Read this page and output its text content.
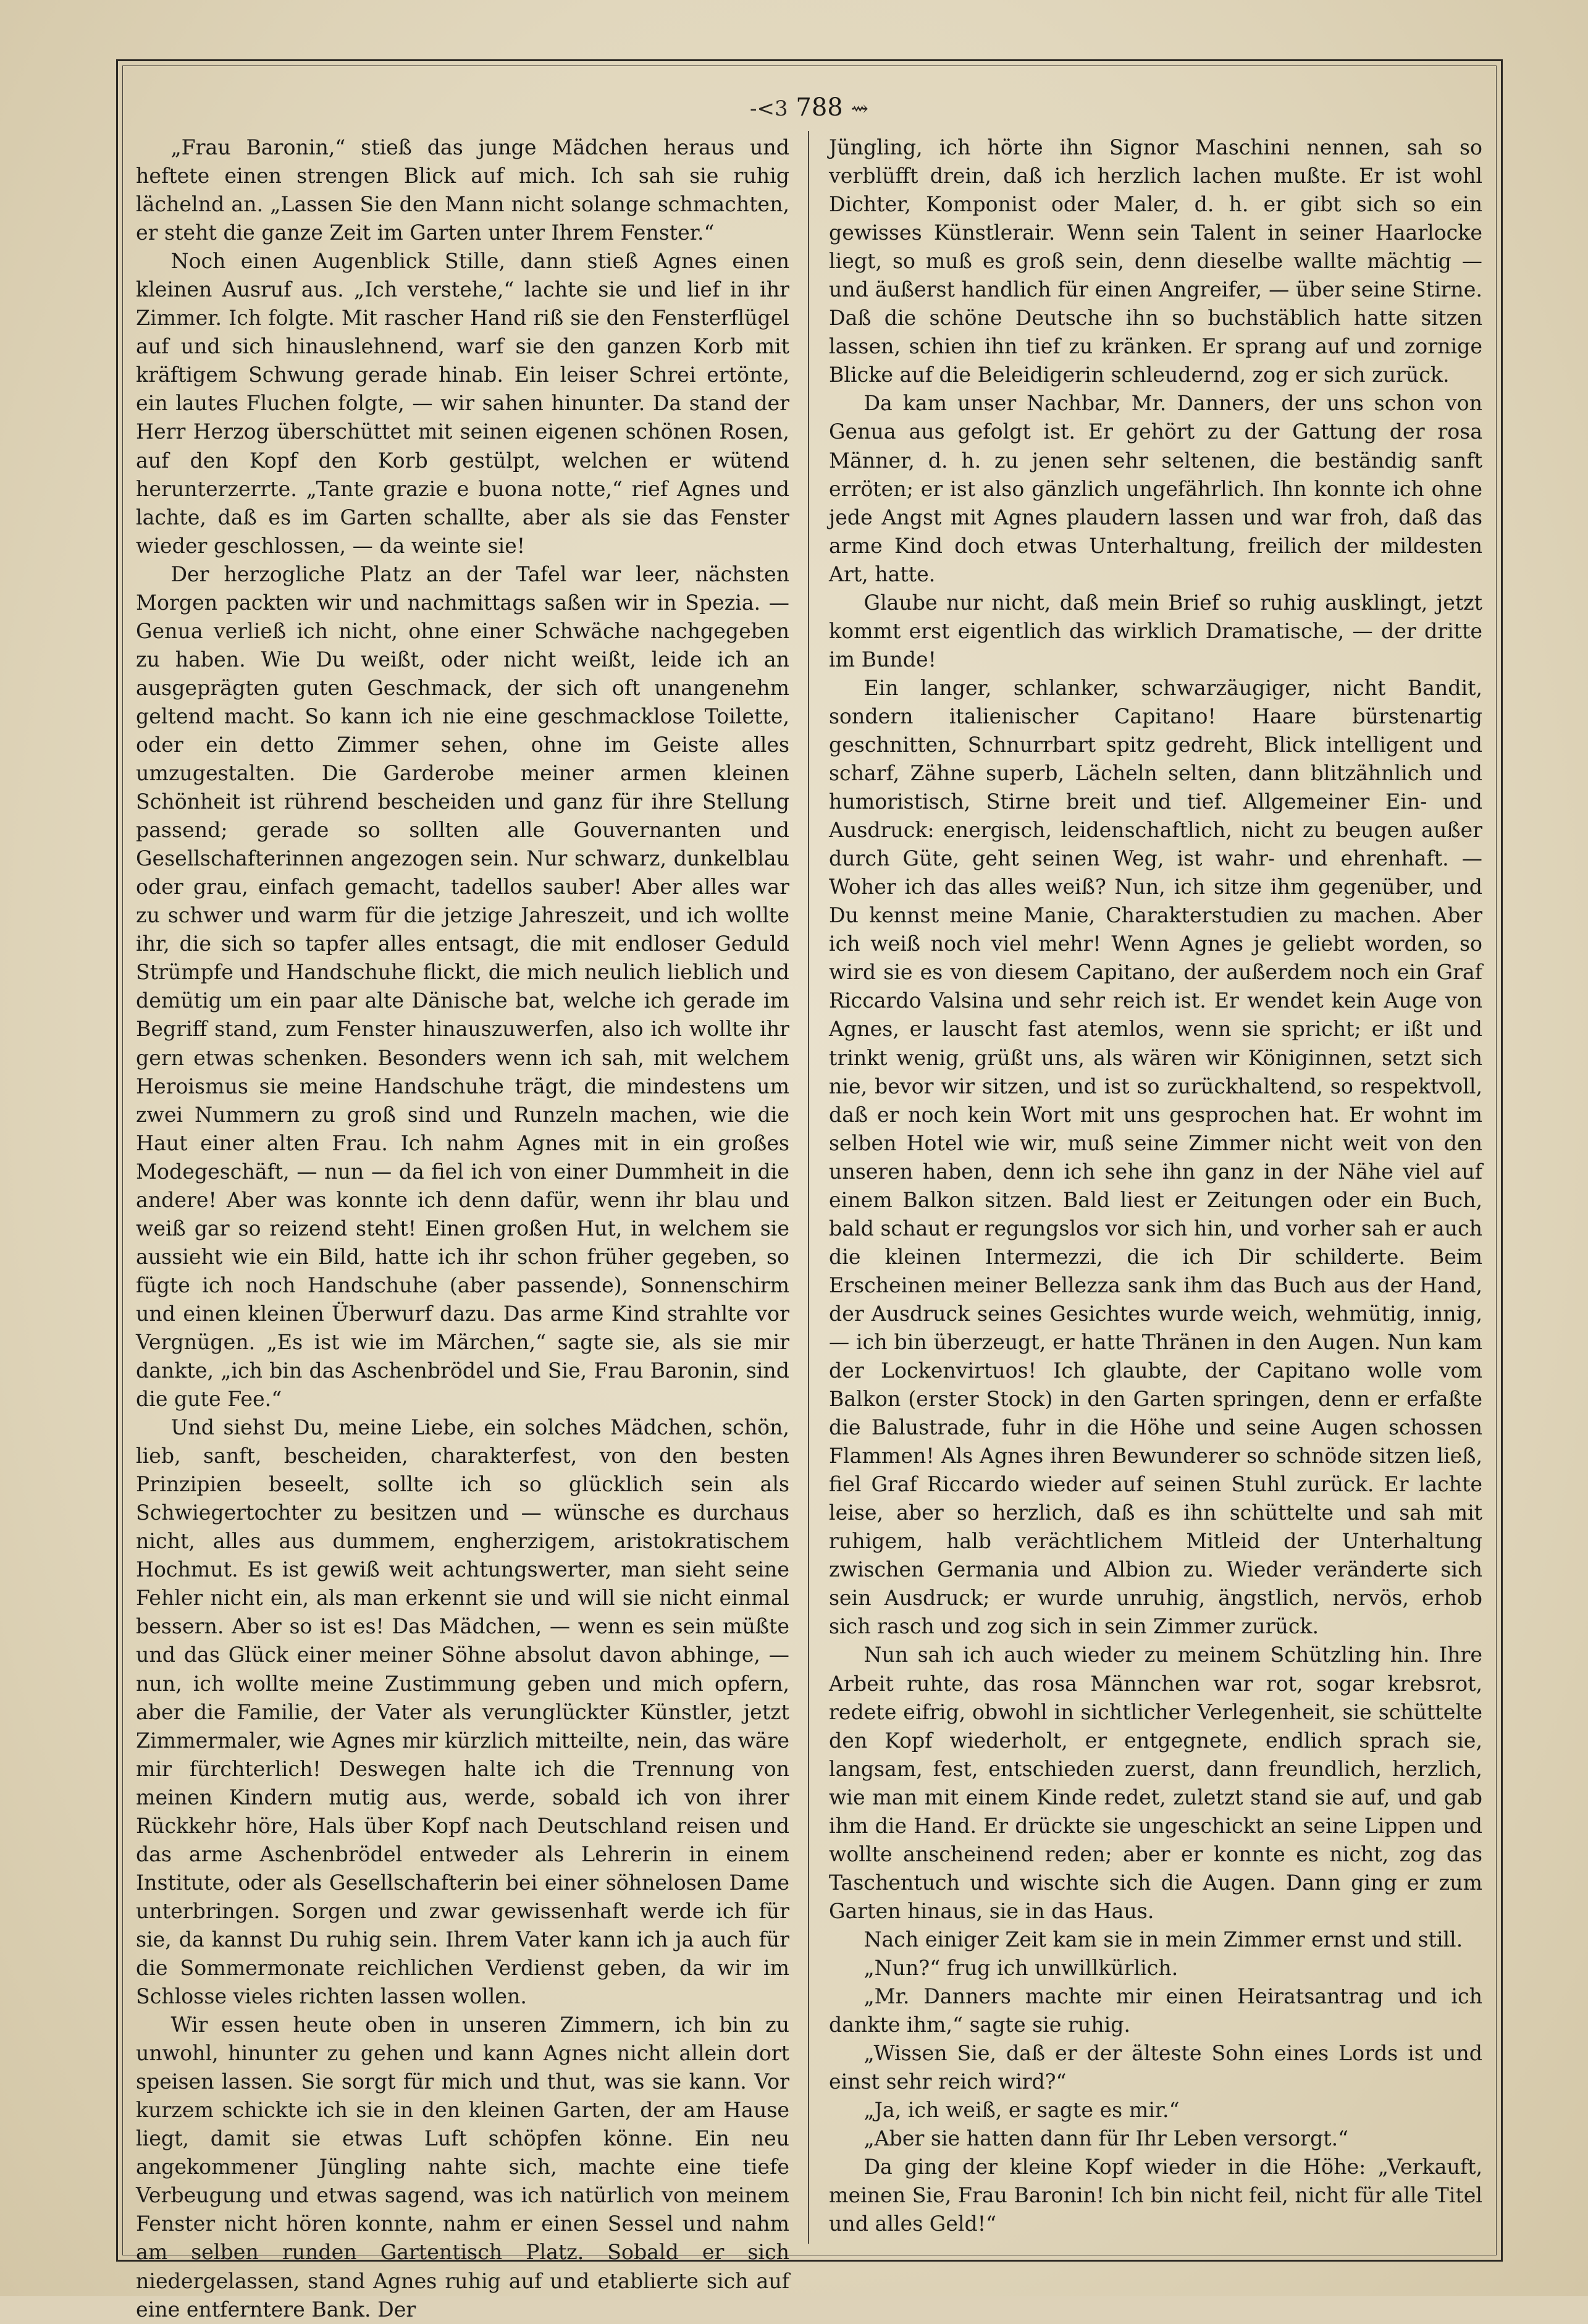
-<3 788 ⇝

„Frau Baronin,“ stieß das junge Mädchen heraus und heftete einen strengen Blick auf mich. Ich sah sie ruhig lächelnd an. „Lassen Sie den Mann nicht solange schmachten, er steht die ganze Zeit im Garten unter Ihrem Fenster.“

Noch einen Augenblick Stille, dann stieß Agnes einen kleinen Ausruf aus. „Ich verstehe,“ lachte sie und lief in ihr Zimmer. Ich folgte. Mit rascher Hand riß sie den Fensterflügel auf und sich hinauslehnend, warf sie den ganzen Korb mit kräftigem Schwung gerade hinab. Ein leiser Schrei ertönte, ein lautes Fluchen folgte, — wir sahen hinunter. Da stand der Herr Herzog überschüttet mit seinen eigenen schönen Rosen, auf den Kopf den Korb gestülpt, welchen er wütend herunterzerrte. „Tante grazie e buona notte,“ rief Agnes und lachte, daß es im Garten schallte, aber als sie das Fenster wieder geschlossen, — da weinte sie!

Der herzogliche Platz an der Tafel war leer, nächsten Morgen packten wir und nachmittags saßen wir in Spezia. — Genua verließ ich nicht, ohne einer Schwäche nachgegeben zu haben. Wie Du weißt, oder nicht weißt, leide ich an ausgeprägten guten Geschmack, der sich oft unangenehm geltend macht. So kann ich nie eine geschmacklose Toilette, oder ein detto Zimmer sehen, ohne im Geiste alles umzugestalten. Die Garderobe meiner armen kleinen Schönheit ist rührend bescheiden und ganz für ihre Stellung passend; gerade so sollten alle Gouvernanten und Gesellschafterinnen angezogen sein. Nur schwarz, dunkelblau oder grau, einfach gemacht, tadellos sauber! Aber alles war zu schwer und warm für die jetzige Jahreszeit, und ich wollte ihr, die sich so tapfer alles entsagt, die mit endloser Geduld Strümpfe und Handschuhe flickt, die mich neulich lieblich und demütig um ein paar alte Dänische bat, welche ich gerade im Begriff stand, zum Fenster hinauszuwerfen, also ich wollte ihr gern etwas schenken. Besonders wenn ich sah, mit welchem Heroismus sie meine Handschuhe trägt, die mindestens um zwei Nummern zu groß sind und Runzeln machen, wie die Haut einer alten Frau. Ich nahm Agnes mit in ein großes Modegeschäft, — nun — da fiel ich von einer Dummheit in die andere! Aber was konnte ich denn dafür, wenn ihr blau und weiß gar so reizend steht! Einen großen Hut, in welchem sie aussieht wie ein Bild, hatte ich ihr schon früher gegeben, so fügte ich noch Handschuhe (aber passende), Sonnenschirm und einen kleinen Überwurf dazu. Das arme Kind strahlte vor Vergnügen. „Es ist wie im Märchen,“ sagte sie, als sie mir dankte, „ich bin das Aschenbrödel und Sie, Frau Baronin, sind die gute Fee.“

Und siehst Du, meine Liebe, ein solches Mädchen, schön, lieb, sanft, bescheiden, charakterfest, von den besten Prinzipien beseelt, sollte ich so glücklich sein als Schwiegertochter zu besitzen und — wünsche es durchaus nicht, alles aus dummem, engherzigem, aristokratischem Hochmut. Es ist gewiß weit achtungswerter, man sieht seine Fehler nicht ein, als man erkennt sie und will sie nicht einmal bessern. Aber so ist es! Das Mädchen, — wenn es sein müßte und das Glück einer meiner Söhne absolut davon abhinge, — nun, ich wollte meine Zustimmung geben und mich opfern, aber die Familie, der Vater als verunglückter Künstler, jetzt Zimmermaler, wie Agnes mir kürzlich mitteilte, nein, das wäre mir fürchterlich! Deswegen halte ich die Trennung von meinen Kindern mutig aus, werde, sobald ich von ihrer Rückkehr höre, Hals über Kopf nach Deutschland reisen und das arme Aschenbrödel entweder als Lehrerin in einem Institute, oder als Gesellschafterin bei einer söhnelosen Dame unterbringen. Sorgen und zwar gewissenhaft werde ich für sie, da kannst Du ruhig sein. Ihrem Vater kann ich ja auch für die Sommermonate reichlichen Verdienst geben, da wir im Schlosse vieles richten lassen wollen.

Wir essen heute oben in unseren Zimmern, ich bin zu unwohl, hinunter zu gehen und kann Agnes nicht allein dort speisen lassen. Sie sorgt für mich und thut, was sie kann. Vor kurzem schickte ich sie in den kleinen Garten, der am Hause liegt, damit sie etwas Luft schöpfen könne. Ein neu angekommener Jüngling nahte sich, machte eine tiefe Verbeugung und etwas sagend, was ich natürlich von meinem Fenster nicht hören konnte, nahm er einen Sessel und nahm am selben runden Gartentisch Platz. Sobald er sich niedergelassen, stand Agnes ruhig auf und etablierte sich auf eine entferntere Bank. Der

Jüngling, ich hörte ihn Signor Maschini nennen, sah so verblüfft drein, daß ich herzlich lachen mußte. Er ist wohl Dichter, Komponist oder Maler, d. h. er gibt sich so ein gewisses Künstlerair. Wenn sein Talent in seiner Haarlocke liegt, so muß es groß sein, denn dieselbe wallte mächtig — und äußerst handlich für einen Angreifer, — über seine Stirne. Daß die schöne Deutsche ihn so buchstäblich hatte sitzen lassen, schien ihn tief zu kränken. Er sprang auf und zornige Blicke auf die Beleidigerin schleudernd, zog er sich zurück.

Da kam unser Nachbar, Mr. Danners, der uns schon von Genua aus gefolgt ist. Er gehört zu der Gattung der rosa Männer, d. h. zu jenen sehr seltenen, die beständig sanft erröten; er ist also gänzlich ungefährlich. Ihn konnte ich ohne jede Angst mit Agnes plaudern lassen und war froh, daß das arme Kind doch etwas Unterhaltung, freilich der mildesten Art, hatte.

Glaube nur nicht, daß mein Brief so ruhig ausklingt, jetzt kommt erst eigentlich das wirklich Dramatische, — der dritte im Bunde!

Ein langer, schlanker, schwarzäugiger, nicht Bandit, sondern italienischer Capitano! Haare bürstenartig geschnitten, Schnurrbart spitz gedreht, Blick intelligent und scharf, Zähne superb, Lächeln selten, dann blitzähnlich und humoristisch, Stirne breit und tief. Allgemeiner Ein- und Ausdruck: energisch, leidenschaftlich, nicht zu beugen außer durch Güte, geht seinen Weg, ist wahr- und ehrenhaft. — Woher ich das alles weiß? Nun, ich sitze ihm gegenüber, und Du kennst meine Manie, Charakterstudien zu machen. Aber ich weiß noch viel mehr! Wenn Agnes je geliebt worden, so wird sie es von diesem Capitano, der außerdem noch ein Graf Riccardo Valsina und sehr reich ist. Er wendet kein Auge von Agnes, er lauscht fast atemlos, wenn sie spricht; er ißt und trinkt wenig, grüßt uns, als wären wir Königinnen, setzt sich nie, bevor wir sitzen, und ist so zurückhaltend, so respektvoll, daß er noch kein Wort mit uns gesprochen hat. Er wohnt im selben Hotel wie wir, muß seine Zimmer nicht weit von den unseren haben, denn ich sehe ihn ganz in der Nähe viel auf einem Balkon sitzen. Bald liest er Zeitungen oder ein Buch, bald schaut er regungslos vor sich hin, und vorher sah er auch die kleinen Intermezzi, die ich Dir schilderte. Beim Erscheinen meiner Bellezza sank ihm das Buch aus der Hand, der Ausdruck seines Gesichtes wurde weich, wehmütig, innig, — ich bin überzeugt, er hatte Thränen in den Augen. Nun kam der Lockenvirtuos! Ich glaubte, der Capitano wolle vom Balkon (erster Stock) in den Garten springen, denn er erfaßte die Balustrade, fuhr in die Höhe und seine Augen schossen Flammen! Als Agnes ihren Bewunderer so schnöde sitzen ließ, fiel Graf Riccardo wieder auf seinen Stuhl zurück. Er lachte leise, aber so herzlich, daß es ihn schüttelte und sah mit ruhigem, halb verächtlichem Mitleid der Unterhaltung zwischen Germania und Albion zu. Wieder veränderte sich sein Ausdruck; er wurde unruhig, ängstlich, nervös, erhob sich rasch und zog sich in sein Zimmer zurück.

Nun sah ich auch wieder zu meinem Schützling hin. Ihre Arbeit ruhte, das rosa Männchen war rot, sogar krebsrot, redete eifrig, obwohl in sichtlicher Verlegenheit, sie schüttelte den Kopf wiederholt, er entgegnete, endlich sprach sie, langsam, fest, entschieden zuerst, dann freundlich, herzlich, wie man mit einem Kinde redet, zuletzt stand sie auf, und gab ihm die Hand. Er drückte sie ungeschickt an seine Lippen und wollte anscheinend reden; aber er konnte es nicht, zog das Taschentuch und wischte sich die Augen. Dann ging er zum Garten hinaus, sie in das Haus.

Nach einiger Zeit kam sie in mein Zimmer ernst und still.

„Nun?“ frug ich unwillkürlich.

„Mr. Danners machte mir einen Heiratsantrag und ich dankte ihm,“ sagte sie ruhig.

„Wissen Sie, daß er der älteste Sohn eines Lords ist und einst sehr reich wird?“

„Ja, ich weiß, er sagte es mir.“

„Aber sie hatten dann für Ihr Leben versorgt.“

Da ging der kleine Kopf wieder in die Höhe: „Verkauft, meinen Sie, Frau Baronin! Ich bin nicht feil, nicht für alle Titel und alles Geld!“
